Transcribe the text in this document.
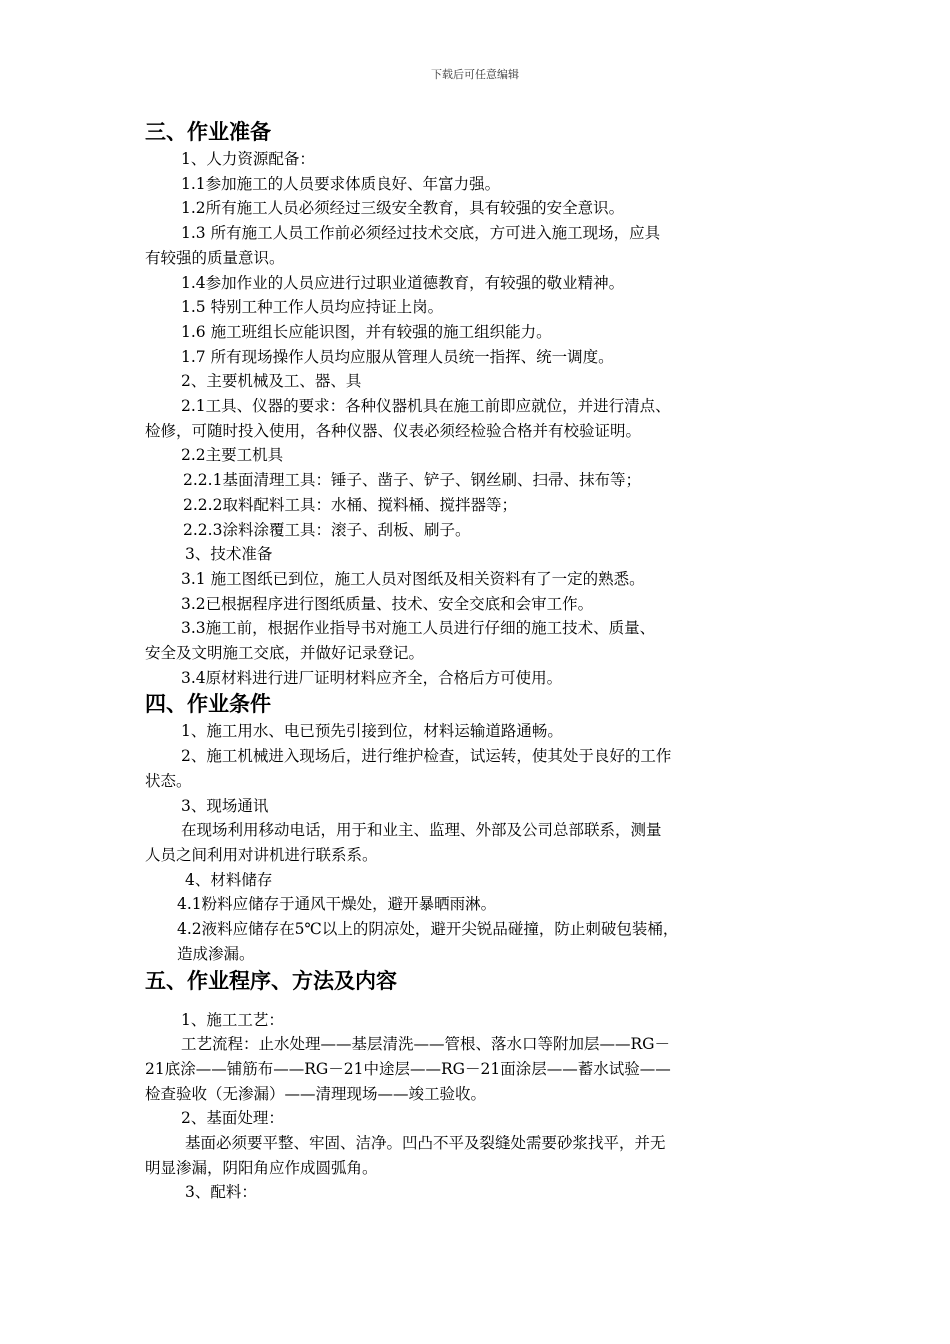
下载后可任意编辑
三、作业准备
1、人力资源配备：
1.1参加施工的人员要求体质良好、年富力强。
1.2所有施工人员必须经过三级安全教育，具有较强的安全意识。
1.3 所有施工人员工作前必须经过技术交底，方可进入施工现场，应具
有较强的质量意识。
1.4参加作业的人员应进行过职业道德教育，有较强的敬业精神。
1.5 特别工种工作人员均应持证上岗。
1.6 施工班组长应能识图，并有较强的施工组织能力。
1.7 所有现场操作人员均应服从管理人员统一指挥、统一调度。
2、主要机械及工、器、具
2.1工具、仪器的要求：各种仪器机具在施工前即应就位，并进行清点、
检修，可随时投入使用，各种仪器、仪表必须经检验合格并有校验证明。
2.2主要工机具
2.2.1基面清理工具：锤子、凿子、铲子、钢丝刷、扫帚、抹布等；
2.2.2取料配料工具：水桶、搅料桶、搅拌器等；
2.2.3涂料涂覆工具：滚子、刮板、刷子。
3、技术准备
3.1 施工图纸已到位，施工人员对图纸及相关资料有了一定的熟悉。
3.2已根据程序进行图纸质量、技术、安全交底和会审工作。
3.3施工前，根据作业指导书对施工人员进行仔细的施工技术、质量、
安全及文明施工交底，并做好记录登记。
3.4原材料进行进厂证明材料应齐全，合格后方可使用。
四、作业条件
1、施工用水、电已预先引接到位，材料运输道路通畅。
2、施工机械进入现场后，进行维护检查，试运转，使其处于良好的工作
状态。
3、现场通讯
在现场利用移动电话，用于和业主、监理、外部及公司总部联系，测量
人员之间利用对讲机进行联系系。
4、材料储存
4.1粉料应储存于通风干燥处，避开暴晒雨淋。
4.2液料应储存在5℃以上的阴凉处，避开尖锐品碰撞，防止刺破包装桶，
造成渗漏。
五、作业程序、方法及内容
1、施工工艺：
工艺流程：止水处理——基层清洗——管根、落水口等附加层——RG－
21底涂——铺筋布——RG－21中途层——RG－21面涂层——蓄水试验——
检查验收（无渗漏）——清理现场——竣工验收。
2、基面处理：
基面必须要平整、牢固、洁净。凹凸不平及裂缝处需要砂浆找平，并无
明显渗漏，阴阳角应作成圆弧角。
3、配料：
